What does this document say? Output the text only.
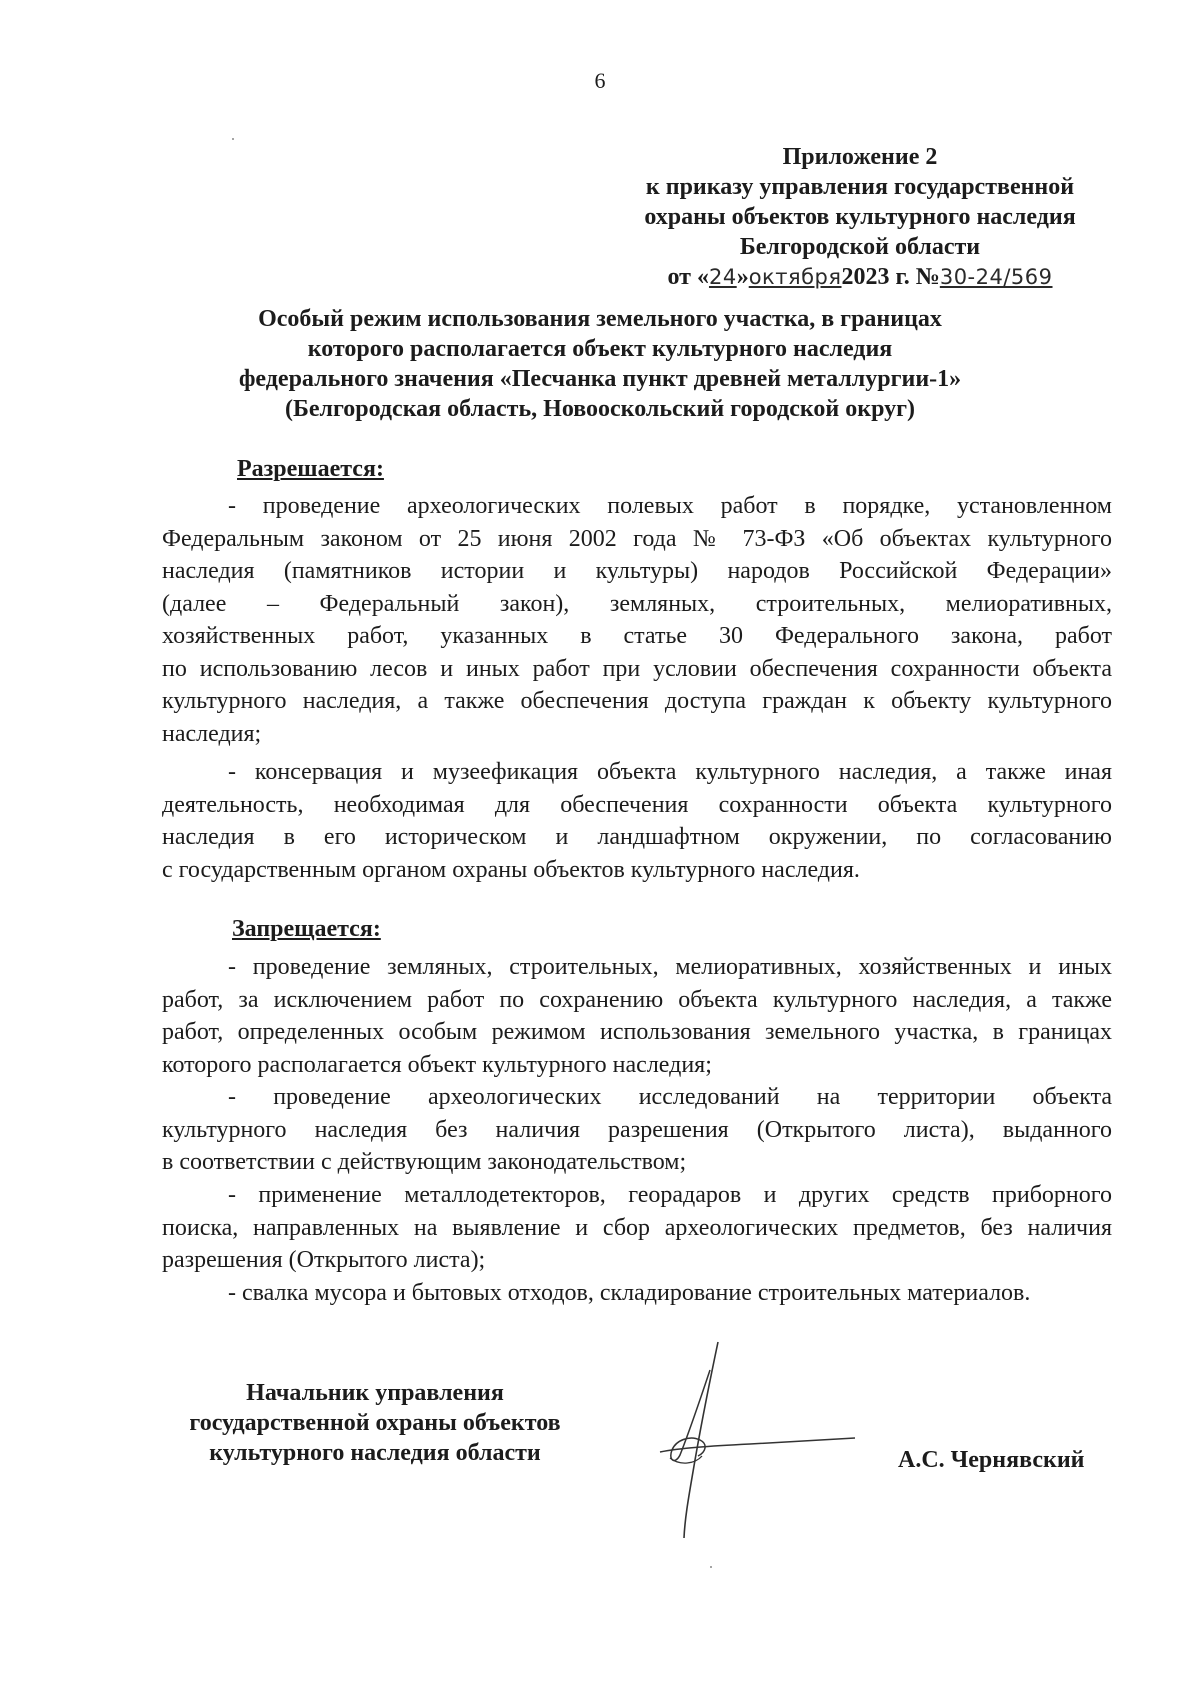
6
Приложение 2
к приказу управления государственной
охраны объектов культурного наследия
Белгородской области
от «24»октября2023 г. №30-24/569
Особый режим использования земельного участка, в границах
которого располагается объект культурного наследия
федерального значения «Песчанка пункт древней металлургии-1»
(Белгородская область, Новооскольский городской округ)
Разрешается:
- проведение археологических полевых работ в порядке, установленном
Федеральным законом от 25 июня 2002 года № 73-ФЗ «Об объектах культурного
наследия (памятников истории и культуры) народов Российской Федерации»
(далее – Федеральный закон), земляных, строительных, мелиоративных,
хозяйственных работ, указанных в статье 30 Федерального закона, работ
по использованию лесов и иных работ при условии обеспечения сохранности объекта
культурного наследия, а также обеспечения доступа граждан к объекту культурного
наследия;
- консервация и музеефикация объекта культурного наследия, а также иная
деятельность, необходимая для обеспечения сохранности объекта культурного
наследия в его историческом и ландшафтном окружении, по согласованию
с государственным органом охраны объектов культурного наследия.
Запрещается:
- проведение земляных, строительных, мелиоративных, хозяйственных и иных
работ, за исключением работ по сохранению объекта культурного наследия, а также
работ, определенных особым режимом использования земельного участка, в границах
которого располагается объект культурного наследия;
- проведение археологических исследований на территории объекта
культурного наследия без наличия разрешения (Открытого листа), выданного
в соответствии с действующим законодательством;
- применение металлодетекторов, георадаров и других средств приборного
поиска, направленных на выявление и сбор археологических предметов, без наличия
разрешения (Открытого листа);
- свалка мусора и бытовых отходов, складирование строительных материалов.
Начальник управления
государственной охраны объектов
культурного наследия области	А.С. Чернявский
